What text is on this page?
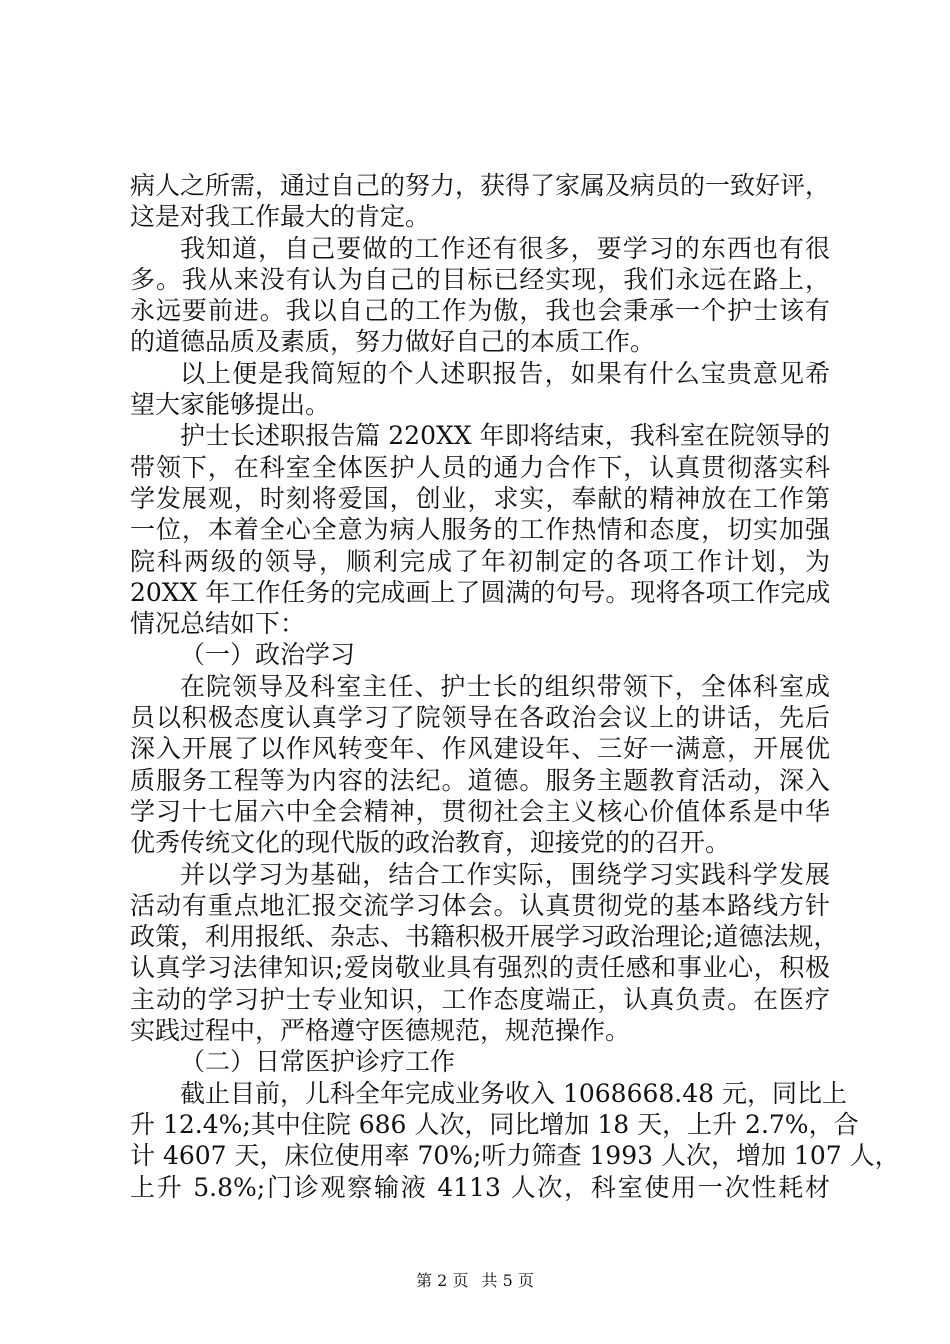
病人之所需，通过自己的努力，获得了家属及病员的一致好评，
这是对我工作最大的肯定。
我知道，自己要做的工作还有很多，要学习的东西也有很
多。我从来没有认为自己的目标已经实现，我们永远在路上，
永远要前进。我以自己的工作为傲，我也会秉承一个护士该有
的道德品质及素质，努力做好自己的本质工作。
以上便是我简短的个人述职报告，如果有什么宝贵意见希
望大家能够提出。
护士长述职报告篇 220XX 年即将结束，我科室在院领导的
带领下，在科室全体医护人员的通力合作下，认真贯彻落实科
学发展观，时刻将爱国，创业，求实，奉献的精神放在工作第
一位，本着全心全意为病人服务的工作热情和态度，切实加强
院科两级的领导，顺利完成了年初制定的各项工作计划，为
20XX 年工作任务的完成画上了圆满的句号。现将各项工作完成
情况总结如下：
（一）政治学习
在院领导及科室主任、护士长的组织带领下，全体科室成
员以积极态度认真学习了院领导在各政治会议上的讲话，先后
深入开展了以作风转变年、作风建设年、三好一满意，开展优
质服务工程等为内容的法纪。道德。服务主题教育活动，深入
学习十七届六中全会精神，贯彻社会主义核心价值体系是中华
优秀传统文化的现代版的政治教育，迎接党的的召开。
并以学习为基础，结合工作实际，围绕学习实践科学发展
活动有重点地汇报交流学习体会。认真贯彻党的基本路线方针
政策，利用报纸、杂志、书籍积极开展学习政治理论;道德法规，
认真学习法律知识;爱岗敬业具有强烈的责任感和事业心，积极
主动的学习护士专业知识，工作态度端正，认真负责。在医疗
实践过程中，严格遵守医德规范，规范操作。
（二）日常医护诊疗工作
截止目前，儿科全年完成业务收入 1068668.48 元，同比上
升 12.4%;其中住院 686 人次，同比增加 18 天，上升 2.7%，合
计 4607 天，床位使用率 70%;听力筛查 1993 人次，增加 107 人，
上升 5.8%;门诊观察输液 4113 人次，科室使用一次性耗材
第 2 页 共 5 页
